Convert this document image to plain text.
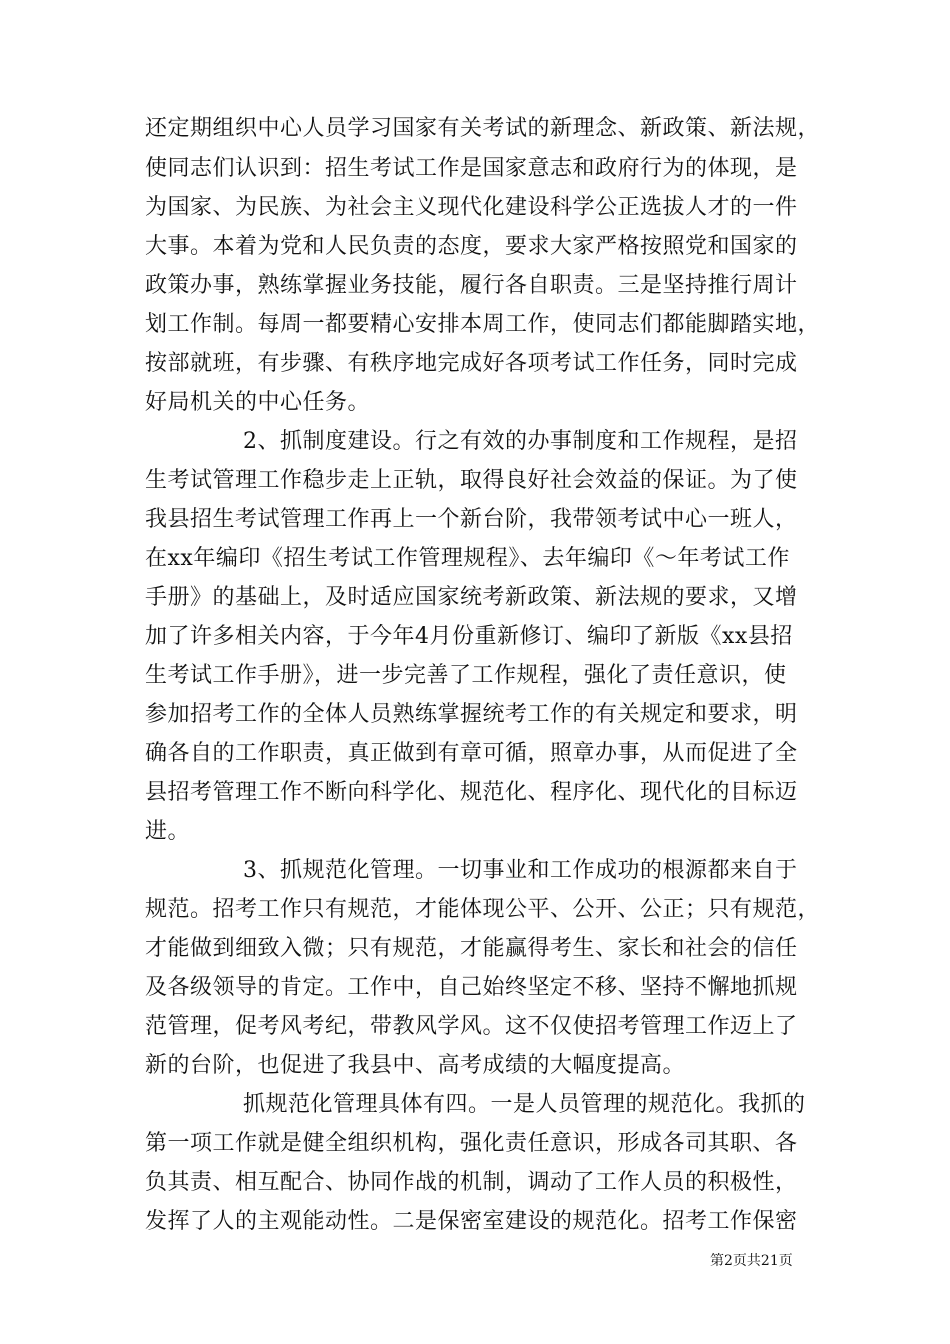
还定期组织中心人员学习国家有关考试的新理念、新政策、新法规，
使同志们认识到：招生考试工作是国家意志和政府行为的体现，是
为国家、为民族、为社会主义现代化建设科学公正选拔人才的一件
大事。本着为党和人民负责的态度，要求大家严格按照党和国家的
政策办事，熟练掌握业务技能，履行各自职责。三是坚持推行周计
划工作制。每周一都要精心安排本周工作，使同志们都能脚踏实地，
按部就班，有步骤、有秩序地完成好各项考试工作任务，同时完成
好局机关的中心任务。
2、抓制度建设。行之有效的办事制度和工作规程，是招
生考试管理工作稳步走上正轨，取得良好社会效益的保证。为了使
我县招生考试管理工作再上一个新台阶，我带领考试中心一班人，
在xx年编印《招生考试工作管理规程》、去年编印《～年考试工作
手册》的基础上，及时适应国家统考新政策、新法规的要求，又增
加了许多相关内容，于今年4月份重新修订、编印了新版《xx县招
生考试工作手册》，进一步完善了工作规程，强化了责任意识，使
参加招考工作的全体人员熟练掌握统考工作的有关规定和要求，明
确各自的工作职责，真正做到有章可循，照章办事，从而促进了全
县招考管理工作不断向科学化、规范化、程序化、现代化的目标迈
进。
3、抓规范化管理。一切事业和工作成功的根源都来自于
规范。招考工作只有规范，才能体现公平、公开、公正；只有规范，
才能做到细致入微；只有规范，才能赢得考生、家长和社会的信任
及各级领导的肯定。工作中，自己始终坚定不移、坚持不懈地抓规
范管理，促考风考纪，带教风学风。这不仅使招考管理工作迈上了
新的台阶，也促进了我县中、高考成绩的大幅度提高。
抓规范化管理具体有四。一是人员管理的规范化。我抓的
第一项工作就是健全组织机构，强化责任意识，形成各司其职、各
负其责、相互配合、协同作战的机制，调动了工作人员的积极性，
发挥了人的主观能动性。二是保密室建设的规范化。招考工作保密
第2页共21页
